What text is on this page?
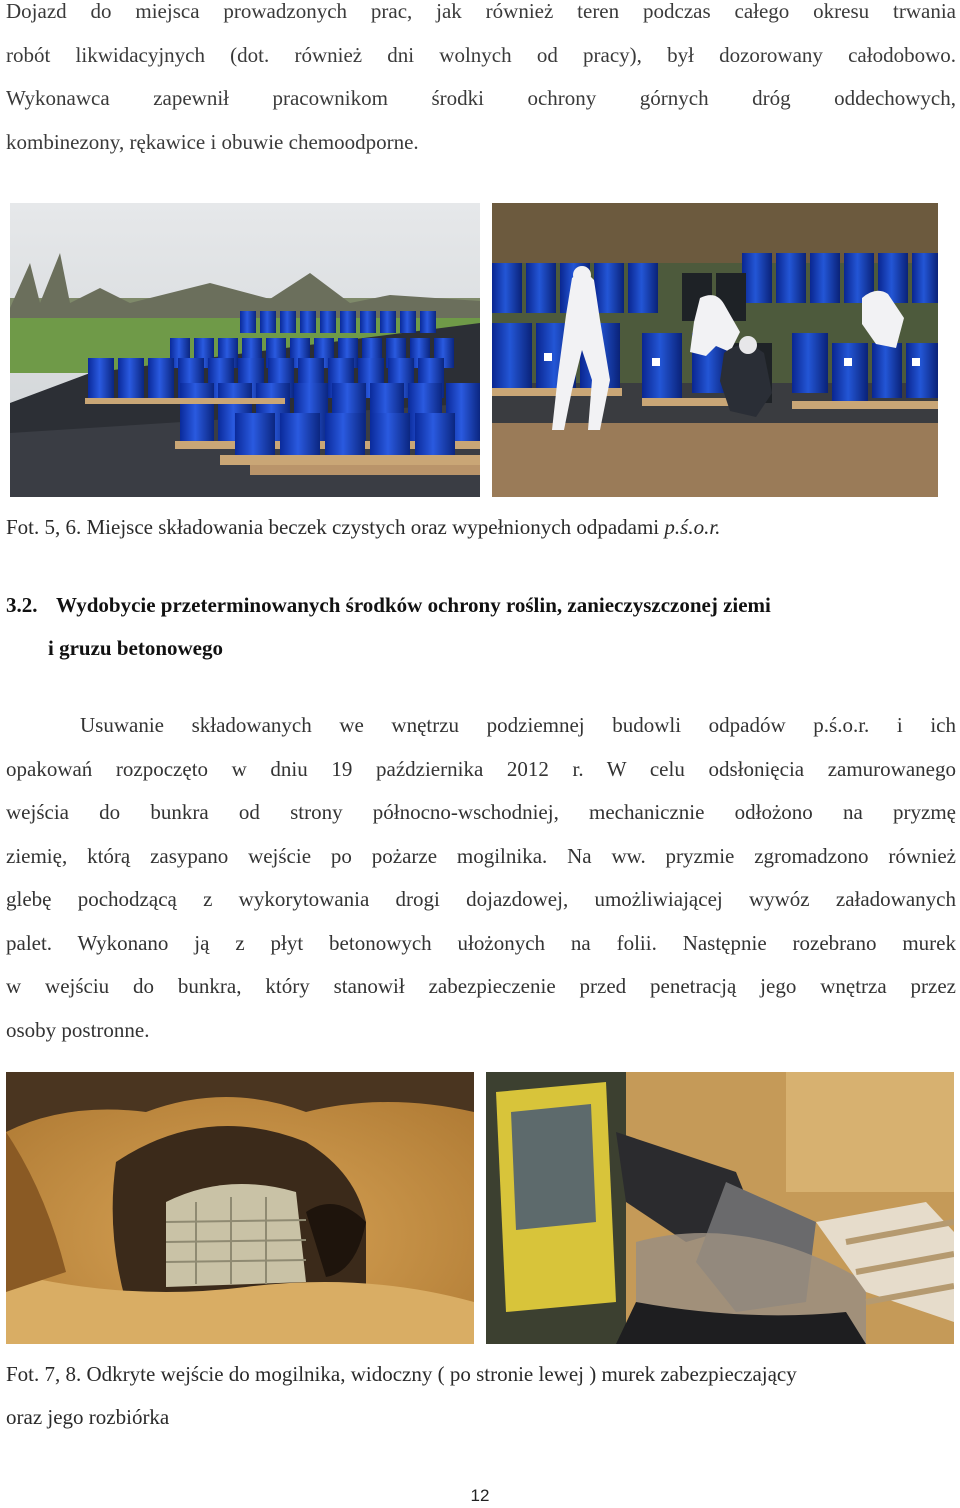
Dojazd do miejsca prowadzonych prac, jak również teren podczas całego okresu trwania
robót likwidacyjnych (dot. również dni wolnych od pracy), był dozorowany całodobowo.
Wykonawca zapewnił pracownikom środki ochrony górnych dróg oddechowych,
kombinezony, rękawice i obuwie chemoodporne.

Fot. 5, 6. Miejsce składowania beczek czystych oraz wypełnionych odpadami p.ś.o.r.

3.2. Wydobycie przeterminowanych środków ochrony roślin, zanieczyszczonej ziemi
i gruzu betonowego
Usuwanie składowanych we wnętrzu podziemnej budowli odpadów p.ś.o.r. i ich
opakowań rozpoczęto w dniu 19 października 2012 r. W celu odsłonięcia zamurowanego
wejścia do bunkra od strony północno-wschodniej, mechanicznie odłożono na pryzmę
ziemię, którą zasypano wejście po pożarze mogilnika. Na ww. pryzmie zgromadzono również
glebę pochodzącą z wykorytowania drogi dojazdowej, umożliwiającej wywóz załadowanych
palet. Wykonano ją z płyt betonowych ułożonych na folii. Następnie rozebrano murek
w wejściu do bunkra, który stanowił zabezpieczenie przed penetracją jego wnętrza przez
osoby postronne.

Fot. 7, 8. Odkryte wejście do mogilnika, widoczny ( po stronie lewej ) murek zabezpieczający

oraz jego rozbiórka

12
